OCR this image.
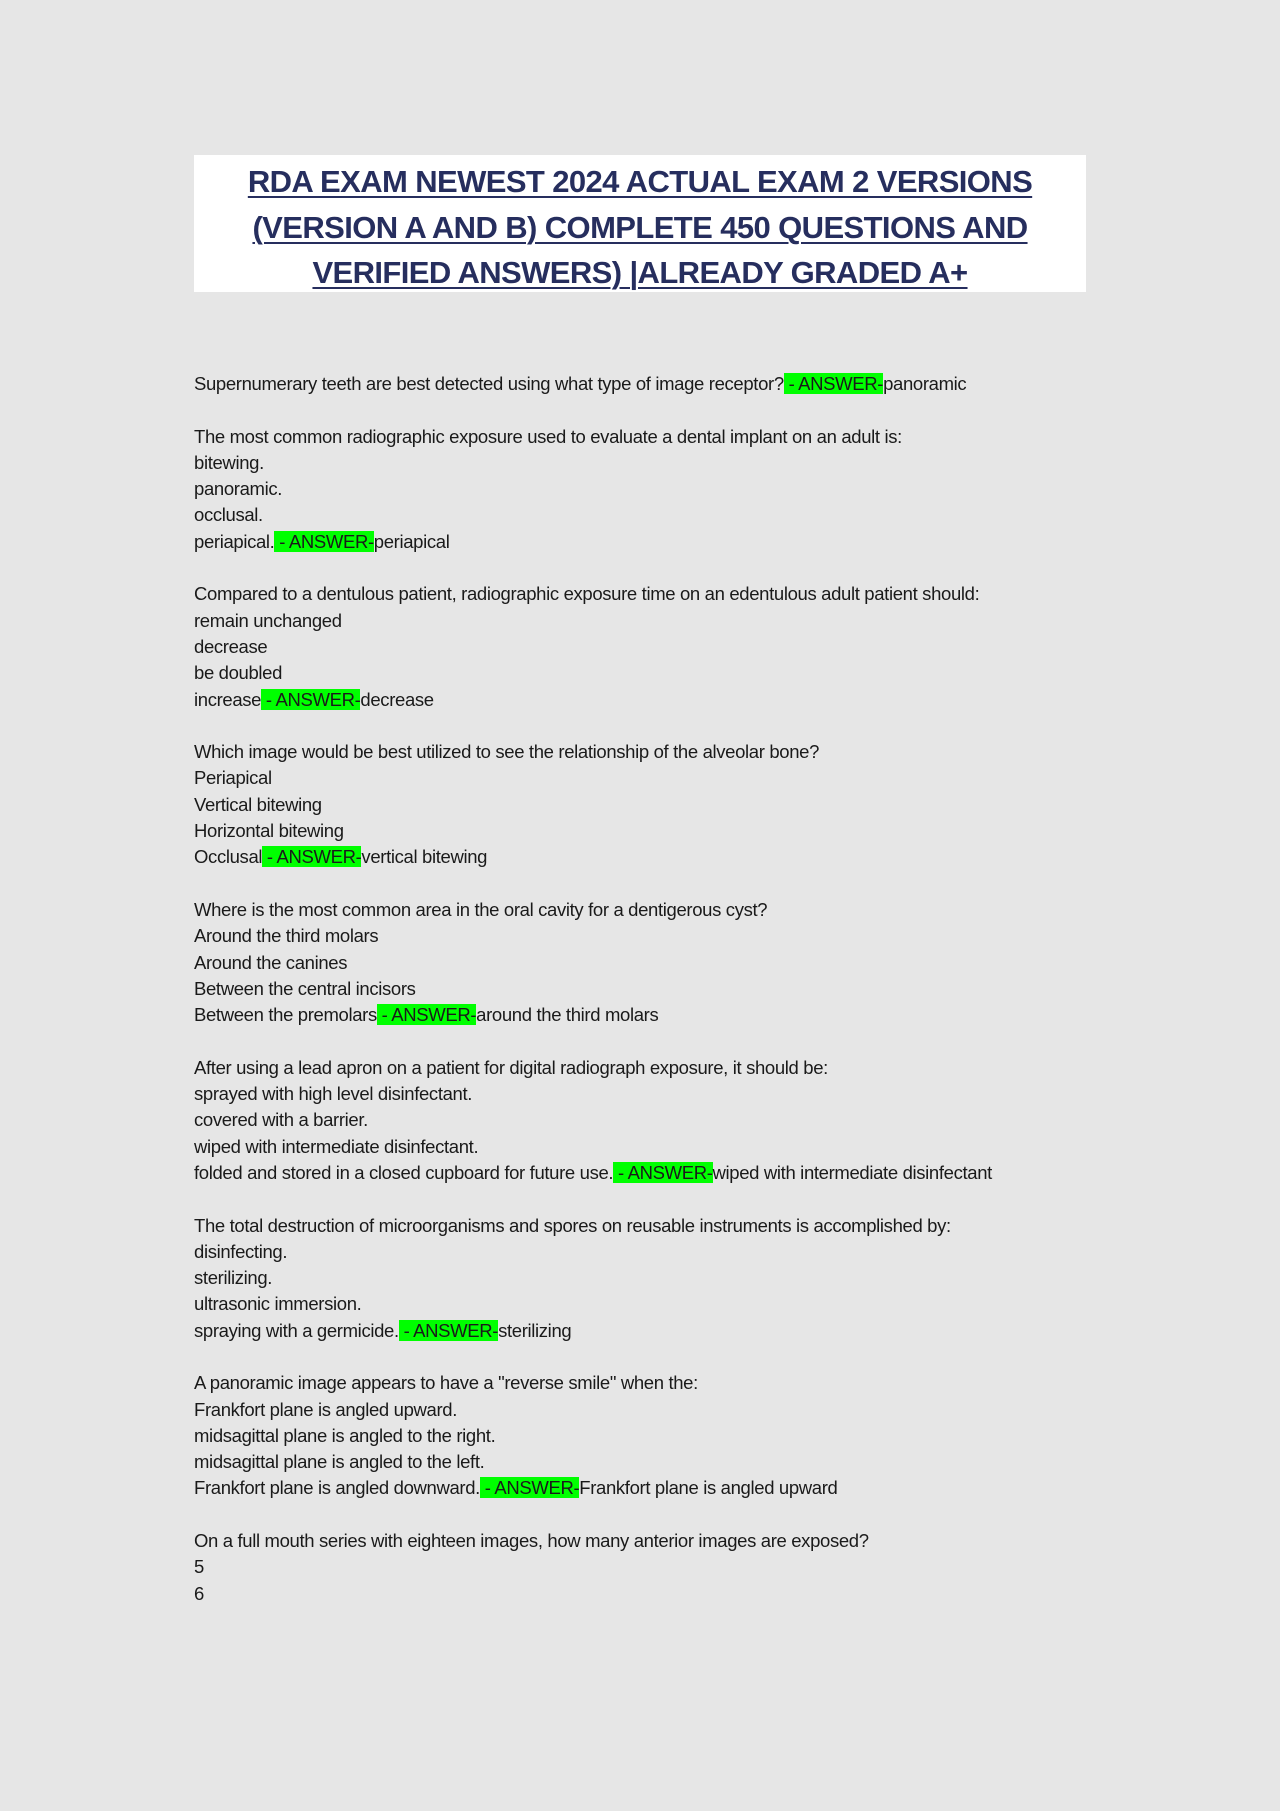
RDA EXAM NEWEST 2024 ACTUAL EXAM 2 VERSIONS
(VERSION A AND B) COMPLETE 450 QUESTIONS AND
VERIFIED ANSWERS) |ALREADY GRADED A+
Supernumerary teeth are best detected using what type of image receptor? - ANSWER-panoramic
The most common radiographic exposure used to evaluate a dental implant on an adult is:
bitewing.
panoramic.
occlusal.
periapical. - ANSWER-periapical
Compared to a dentulous patient, radiographic exposure time on an edentulous adult patient should:
remain unchanged
decrease
be doubled
increase - ANSWER-decrease
Which image would be best utilized to see the relationship of the alveolar bone?
Periapical
Vertical bitewing
Horizontal bitewing
Occlusal - ANSWER-vertical bitewing
Where is the most common area in the oral cavity for a dentigerous cyst?
Around the third molars
Around the canines
Between the central incisors
Between the premolars - ANSWER-around the third molars
After using a lead apron on a patient for digital radiograph exposure, it should be:
sprayed with high level disinfectant.
covered with a barrier.
wiped with intermediate disinfectant.
folded and stored in a closed cupboard for future use. - ANSWER-wiped with intermediate disinfectant
The total destruction of microorganisms and spores on reusable instruments is accomplished by:
disinfecting.
sterilizing.
ultrasonic immersion.
spraying with a germicide. - ANSWER-sterilizing
A panoramic image appears to have a "reverse smile" when the:
Frankfort plane is angled upward.
midsagittal plane is angled to the right.
midsagittal plane is angled to the left.
Frankfort plane is angled downward. - ANSWER-Frankfort plane is angled upward
On a full mouth series with eighteen images, how many anterior images are exposed?
5
6
